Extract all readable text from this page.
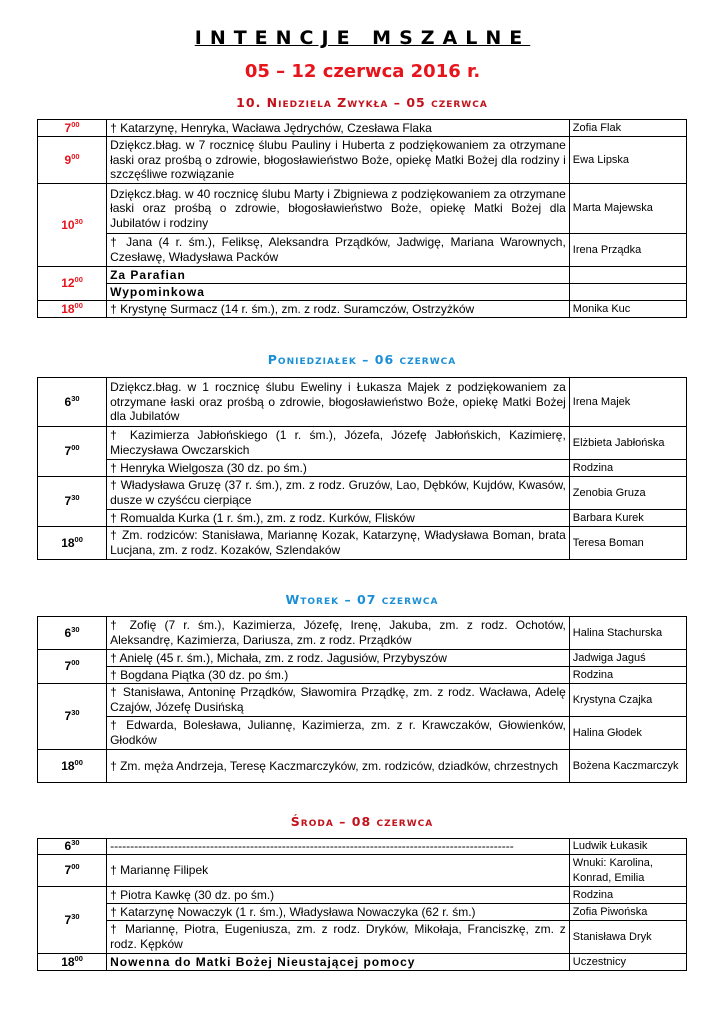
INTENCJE MSZALNE
05 – 12 czerwca 2016 r.
10. Niedziela Zwykła – 05 czerwca
$7^{00}$	† Katarzynę, Henryka, Wacława Jędrychów, Czesława Flaka	Zofia Flak
$9^{00}$	Dziękcz.błag. w 7 rocznicę ślubu Pauliny i Huberta z podziękowaniem za otrzymane łaski oraz prośbą o zdrowie, błogosławieństwo Boże, opiekę Matki Bożej dla rodziny i szczęśliwe rozwiązanie	Ewa Lipska
$10^{30}$	Dziękcz.błag. w 40 rocznicę ślubu Marty i Zbigniewa z podziękowaniem za otrzymane łaski oraz prośbą o zdrowie, błogosławieństwo Boże, opiekę Matki Bożej dla Jubilatów i rodziny	Marta Majewska
	† Jana (4 r. śm.), Feliksę, Aleksandra Prządków, Jadwigę, Mariana Warownych, Czesławę, Władysława Packów	Irena Prządka
$12^{00}$	Za Parafian	
	Wypominkowa	
$18^{00}$	† Krystynę Surmacz (14 r. śm.), zm. z rodz. Suramczów, Ostrzyżków	Monika Kuc
Poniedziałek – 06 czerwca
$6^{30}$	Dziękcz.błag. w 1 rocznicę ślubu Eweliny i Łukasza Majek z podziękowaniem za otrzymane łaski oraz prośbą o zdrowie, błogosławieństwo Boże, opiekę Matki Bożej dla Jubilatów	Irena Majek
$7^{00}$	† Kazimierza Jabłońskiego (1 r. śm.), Józefa, Józefę Jabłońskich, Kazimierę, Mieczysława Owczarskich	Elżbieta Jabłońska
	† Henryka Wielgosza (30 dz. po śm.)	Rodzina
$7^{30}$	† Władysława Gruzę (37 r. śm.), zm. z rodz. Gruzów, Lao, Dębków, Kujdów, Kwasów, dusze w czyśćcu cierpiące	Zenobia Gruza
	† Romualda Kurka (1 r. śm.), zm. z rodz. Kurków, Flisków	Barbara Kurek
$18^{00}$	† Zm. rodziców: Stanisława, Mariannę Kozak, Katarzynę, Władysława Boman, brata Lucjana, zm. z rodz. Kozaków, Szlendaków	Teresa Boman
Wtorek – 07 czerwca
$6^{30}$	† Zofię (7 r. śm.), Kazimierza, Józefę, Irenę, Jakuba, zm. z rodz. Ochotów, Aleksandrę, Kazimierza, Dariusza, zm. z rodz. Prządków	Halina Stachurska
$7^{00}$	† Anielę (45 r. śm.), Michała, zm. z rodz. Jagusiów, Przybyszów	Jadwiga Jaguś
	† Bogdana Piątka (30 dz. po śm.)	Rodzina
$7^{30}$	† Stanisława, Antoninę Prządków, Sławomira Prządkę, zm. z rodz. Wacława, Adelę Czajów, Józefę Dusińską	Krystyna Czajka
	† Edwarda, Bolesława, Juliannę, Kazimierza, zm. z r. Krawczaków, Głowienków, Głodków	Halina Głodek
$18^{00}$	† Zm. męża Andrzeja, Teresę Kaczmarczyków, zm. rodziców, dziadków, chrzestnych	Bożena Kaczmarczyk
Środa – 08 czerwca
$6^{30}$	-----------------------------------------------------------------------------------------------------	Ludwik Łukasik
$7^{00}$	† Mariannę Filipek	Wnuki: Karolina, Konrad, Emilia
$7^{30}$	† Piotra Kawkę (30 dz. po śm.)	Rodzina
	† Katarzynę Nowaczyk (1 r. śm.), Władysława Nowaczyka (62 r. śm.)	Zofia Piwońska
	† Mariannę, Piotra, Eugeniusza, zm. z rodz. Dryków, Mikołaja, Franciszkę, zm. z rodz. Kępków	Stanisława Dryk
$18^{00}$	Nowenna do Matki Bożej Nieustającej pomocy	Uczestnicy
